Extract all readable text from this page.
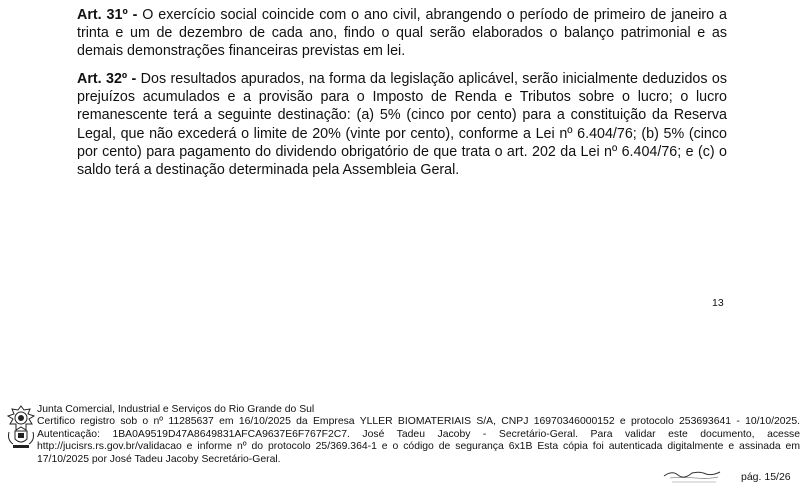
Art. 31º - O exercício social coincide com o ano civil, abrangendo o período de primeiro de janeiro a trinta e um de dezembro de cada ano, findo o qual serão elaborados o balanço patrimonial e as demais demonstrações financeiras previstas em lei.
Art. 32º - Dos resultados apurados, na forma da legislação aplicável, serão inicialmente deduzidos os prejuízos acumulados e a provisão para o Imposto de Renda e Tributos sobre o lucro; o lucro remanescente terá a seguinte destinação: (a) 5% (cinco por cento) para a constituição da Reserva Legal, que não excederá o limite de 20% (vinte por cento), conforme a Lei nº 6.404/76; (b) 5% (cinco por cento) para pagamento do dividendo obrigatório de que trata o art. 202 da Lei nº 6.404/76; e (c) o saldo terá a destinação determinada pela Assembleia Geral.
13

Junta Comercial, Industrial e Serviços do Rio Grande do Sul

Certifico registro sob o nº 11285637 em 16/10/2025 da Empresa YLLER BIOMATERIAIS S/A, CNPJ 16970346000152 e protocolo 253693641 - 10/10/2025. Autenticação: 1BA0A9519D47A8649831AFCA9637E6F767F2C7. José Tadeu Jacoby - Secretário-Geral. Para validar este documento, acesse http://jucisrs.rs.gov.br/validacao e informe nº do protocolo 25/369.364-1 e o código de segurança 6x1B Esta cópia foi autenticada digitalmente e assinada em 17/10/2025 por José Tadeu Jacoby Secretário-Geral.

pág. 15/26
